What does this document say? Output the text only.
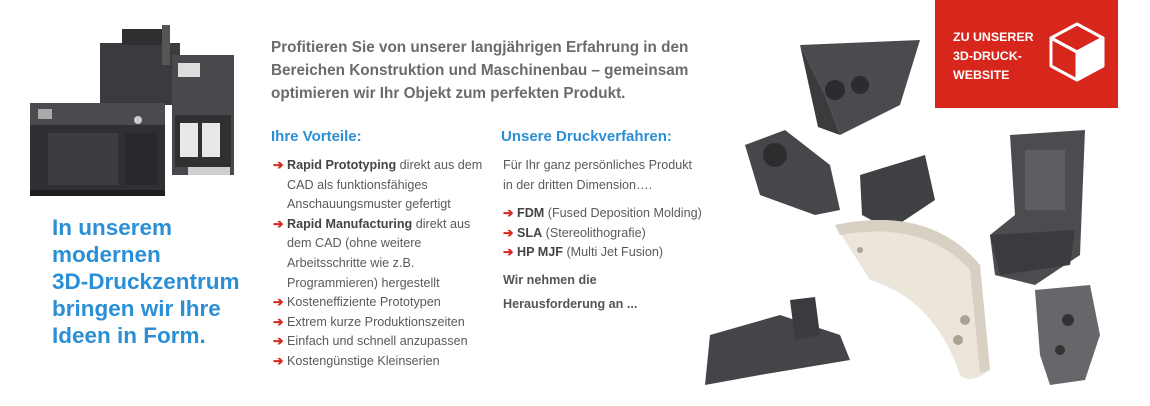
In unserem
modernen
3D-Druckzentrum
bringen wir Ihre
Ideen in Form.
Profitieren Sie von unserer langjährigen Erfahrung in den
Bereichen Konstruktion und Maschinenbau – gemeinsam
optimieren wir Ihr Objekt zum perfekten Produkt.
Ihre Vorteile:
➔ Rapid Prototyping direkt aus dem CAD als funktionsfähiges Anschauungsmuster gefertigt
➔ Rapid Manufacturing direkt aus dem CAD (ohne weitere Arbeitsschritte wie z.B. Programmieren) hergestellt
➔ Kosteneffiziente Prototypen
➔ Extrem kurze Produktionszeiten
➔ Einfach und schnell anzupassen
➔ Kostengünstige Kleinserien
Unsere Druckverfahren:
Für Ihr ganz persönliches Produkt
in der dritten Dimension….
➔ FDM (Fused Deposition Molding)
➔ SLA (Stereolithografie)
➔ HP MJF (Multi Jet Fusion)
Wir nehmen die
Herausforderung an ...
ZU UNSERER
3D-DRUCK-
WEBSITE
